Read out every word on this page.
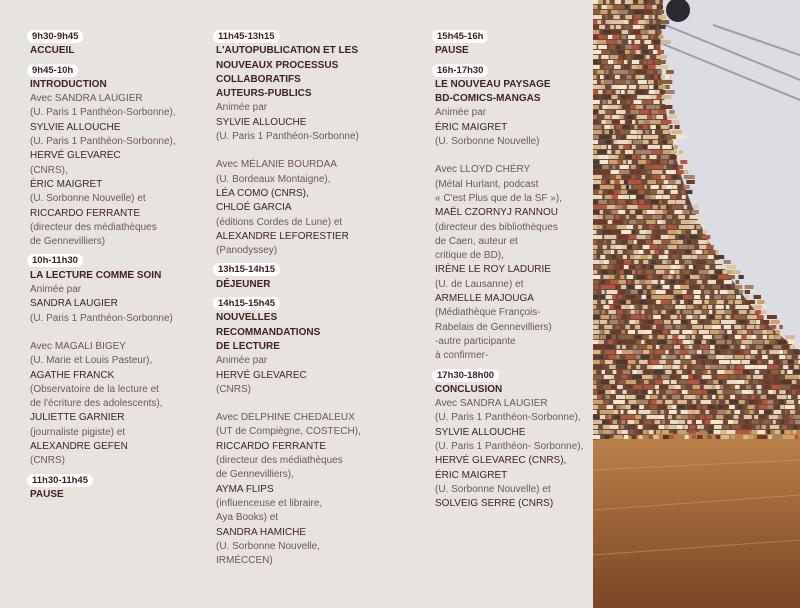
9h30-9h45
ACCUEIL
9h45-10h
INTRODUCTION
Avec SANDRA LAUGIER
(U. Paris 1 Panthéon-Sorbonne),
SYLVIE ALLOUCHE
(U. Paris 1 Panthéon-Sorbonne),
HERVÉ GLEVAREC
(CNRS),
ÉRIC MAIGRET
(U. Sorbonne Nouvelle) et
RICCARDO FERRANTE
(directeur des médiathèques
de Gennevilliers)
10h-11h30
LA LECTURE COMME SOIN
Animée par
SANDRA LAUGIER
(U. Paris 1 Panthéon-Sorbonne)
Avec MAGALI BIGEY
(U. Marie et Louis Pasteur),
AGATHE FRANCK
(Observatoire de la lecture et
de l'écriture des adolescents),
JULIETTE GARNIER
(journaliste pigiste) et
ALEXANDRE GEFEN
(CNRS)
11h30-11h45
PAUSE
11h45-13h15
L'AUTOPUBLICATION ET LES
NOUVEAUX PROCESSUS
COLLABORATIFS
AUTEURS-PUBLICS
Animée par
SYLVIE ALLOUCHE
(U. Paris 1 Panthéon-Sorbonne)
Avec MÉLANIE BOURDAA
(U. Bordeaux Montaigne),
LÉA COMO (CNRS),
CHLOÉ GARCIA
(éditions Cordes de Lune) et
ALEXANDRE LEFORESTIER
(Panodyssey)
13h15-14h15
DÉJEUNER
14h15-15h45
NOUVELLES
RECOMMANDATIONS
DE LECTURE
Animée par
HERVÉ GLEVAREC
(CNRS)
Avec DELPHINE CHEDALEUX
(UT de Compiègne, COSTECH),
RICCARDO FERRANTE
(directeur des médiathèques
de Gennevilliers),
AYMA FLIPS
(influenceuse et libraire,
Aya Books) et
SANDRA HAMICHE
(U. Sorbonne Nouvelle,
IRMÉCCEN)
15h45-16h
PAUSE
16h-17h30
LE NOUVEAU PAYSAGE
BD-COMICS-MANGAS
Animée par
ÉRIC MAIGRET
(U. Sorbonne Nouvelle)
Avec LLOYD CHÉRY
(Métal Hurlant, podcast
« C'est Plus que de la SF »),
MAËL CZORNYJ RANNOU
(directeur des bibliothèques
de Caen, auteur et
critique de BD),
IRÈNE LE ROY LADURIE
(U. de Lausanne) et
ARMELLE MAJOUGA
(Médiathèque François-
Rabelais de Gennevilliers)
-autre participante
à confirmer-
17h30-18h00
CONCLUSION
Avec SANDRA LAUGIER
(U. Paris 1 Panthéon-Sorbonne),
SYLVIE ALLOUCHE
(U. Paris 1 Panthéon- Sorbonne),
HERVÉ GLEVAREC (CNRS),
ÉRIC MAIGRET
(U. Sorbonne Nouvelle) et
SOLVEIG SERRE (CNRS)
